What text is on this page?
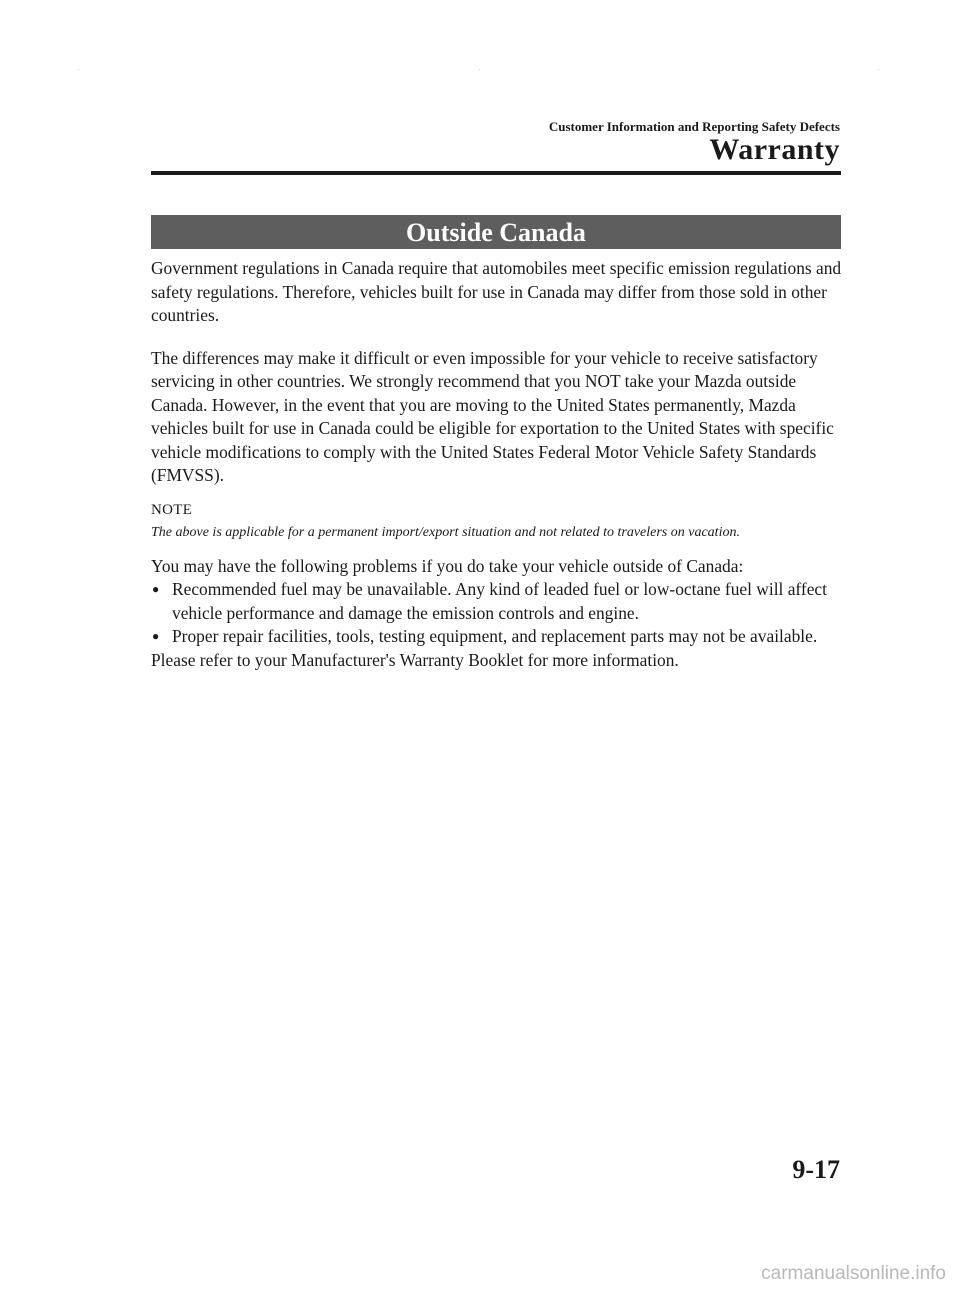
.	.	.
Customer Information and Reporting Safety Defects
Warranty
Outside Canada

Government regulations in Canada require that automobiles meet specific emission regulations and safety regulations. Therefore, vehicles built for use in Canada may differ from those sold in other countries.

The differences may make it difficult or even impossible for your vehicle to receive satisfactory servicing in other countries. We strongly recommend that you NOT take your Mazda outside Canada. However, in the event that you are moving to the United States permanently, Mazda vehicles built for use in Canada could be eligible for exportation to the United States with specific vehicle modifications to comply with the United States Federal Motor Vehicle Safety Standards (FMVSS).

NOTE

The above is applicable for a permanent import/export situation and not related to travelers on vacation.

You may have the following problems if you do take your vehicle outside of Canada:

● Recommended fuel may be unavailable. Any kind of leaded fuel or low-octane fuel will affect vehicle performance and damage the emission controls and engine.
● Proper repair facilities, tools, testing equipment, and replacement parts may not be available.

Please refer to your Manufacturer's Warranty Booklet for more information.

9-17
carmanualsonline.info
